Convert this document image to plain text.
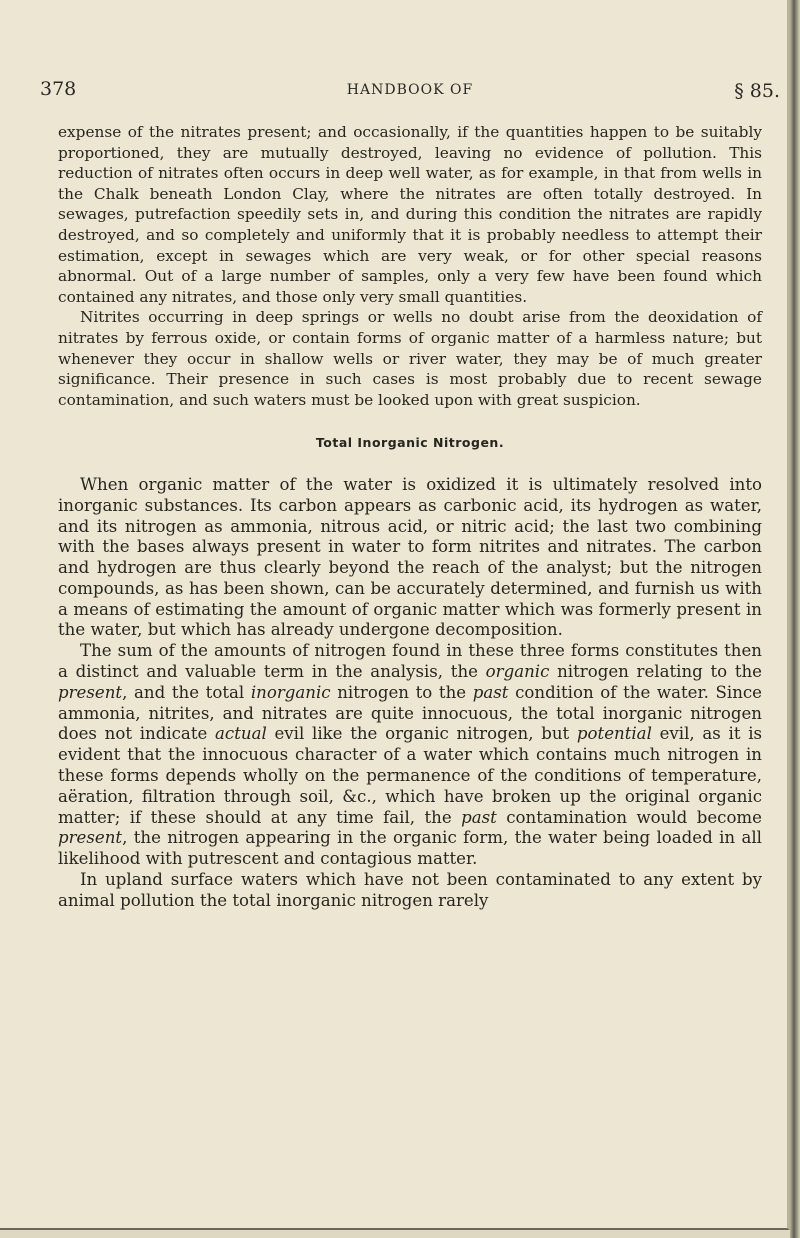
378	HANDBOOK OF	§ 85.

expense of the nitrates present; and occasionally, if the quantities happen to be suitably proportioned, they are mutually destroyed, leaving no evidence of pollution. This reduction of nitrates often occurs in deep well water, as for example, in that from wells in the Chalk beneath London Clay, where the nitrates are often totally destroyed. In sewages, putrefaction speedily sets in, and during this condition the nitrates are rapidly destroyed, and so completely and uniformly that it is probably needless to attempt their estimation, except in sewages which are very weak, or for other special reasons abnormal. Out of a large number of samples, only a very few have been found which contained any nitrates, and those only very small quantities.

Nitrites occurring in deep springs or wells no doubt arise from the deoxidation of nitrates by ferrous oxide, or contain forms of organic matter of a harmless nature; but whenever they occur in shallow wells or river water, they may be of much greater significance. Their presence in such cases is most probably due to recent sewage contamination, and such waters must be looked upon with great suspicion.

Total Inorganic Nitrogen.

When organic matter of the water is oxidized it is ultimately resolved into inorganic substances. Its carbon appears as carbonic acid, its hydrogen as water, and its nitrogen as ammonia, nitrous acid, or nitric acid; the last two combining with the bases always present in water to form nitrites and nitrates. The carbon and hydrogen are thus clearly beyond the reach of the analyst; but the nitrogen compounds, as has been shown, can be accurately determined, and furnish us with a means of estimating the amount of organic matter which was formerly present in the water, but which has already undergone decomposition.

The sum of the amounts of nitrogen found in these three forms constitutes then a distinct and valuable term in the analysis, the organic nitrogen relating to the present, and the total inorganic nitrogen to the past condition of the water. Since ammonia, nitrites, and nitrates are quite innocuous, the total inorganic nitrogen does not indicate actual evil like the organic nitrogen, but potential evil, as it is evident that the innocuous character of a water which contains much nitrogen in these forms depends wholly on the permanence of the conditions of temperature, aëration, filtration through soil, &c., which have broken up the original organic matter; if these should at any time fail, the past contamination would become present, the nitrogen appearing in the organic form, the water being loaded in all likelihood with putrescent and contagious matter.

In upland surface waters which have not been contaminated to any extent by animal pollution the total inorganic nitrogen rarely
